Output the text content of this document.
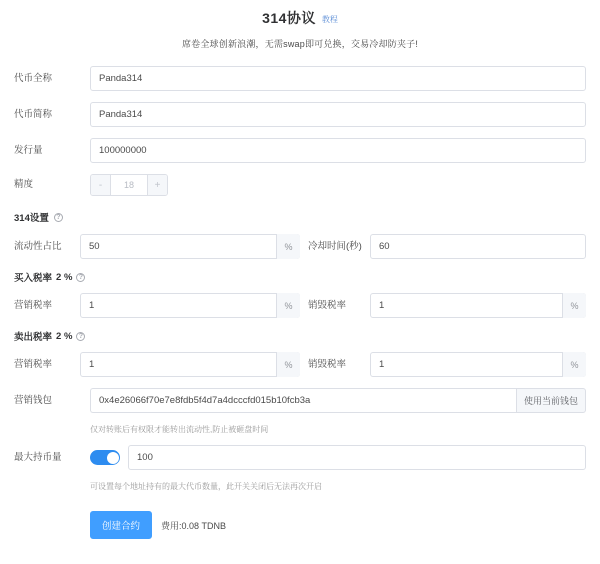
314协议 教程
席卷全球创新浪潮，无需swap即可兑换，交易冷却防夹子!
代币全称
Panda314
代币简称
Panda314
发行量
100000000
精度	-	18	+
314设置	?
流动性占比
50	%	冷却时间(秒)
60
买入税率 2 % ?
营销税率
1	%	销毁税率
1	%
卖出税率 2 % ?
营销税率
1	%	销毁税率
1	%
营销钱包
0x4e26066f70e7e8fdb5f4d7a4dcccfd015b10fcb3a	使用当前钱包
仅对转账后有权限才能转出流动性,防止被砸盘时间
最大持币量
100
可设置每个地址持有的最大代币数量，此开关关闭后无法再次开启
创建合约	费用:0.08 TDNB
